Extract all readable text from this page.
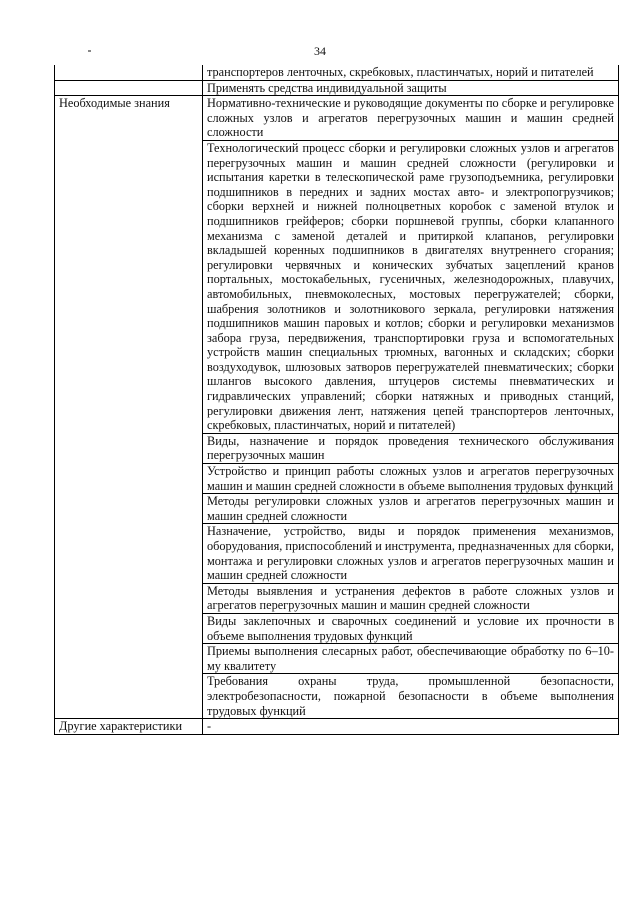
34
	транспортеров ленточных, скребковых, пластинчатых, норий и питателей
	Применять средства индивидуальной защиты
Необходимые знания	Нормативно-технические и руководящие документы по сборке и регулировке сложных узлов и агрегатов перегрузочных машин и машин средней сложности
	Технологический процесс сборки и регулировки сложных узлов и агрегатов перегрузочных машин и машин средней сложности (регулировки и испытания каретки в телескопической раме грузоподъемника, регулировки подшипников в передних и задних мостах авто- и электропогрузчиков; сборки верхней и нижней полноцветных коробок с заменой втулок и подшипников грейферов; сборки поршневой группы, сборки клапанного механизма с заменой деталей и притиркой клапанов, регулировки вкладышей коренных подшипников в двигателях внутреннего сгорания; регулировки червячных и конических зубчатых зацеплений кранов портальных, мостокабельных, гусеничных, железнодорожных, плавучих, автомобильных, пневмоколесных, мостовых перегружателей; сборки, шабрения золотников и золотникового зеркала, регулировки натяжения подшипников машин паровых и котлов; сборки и регулировки механизмов забора груза, передвижения, транспортировки груза и вспомогательных устройств машин специальных трюмных, вагонных и складских; сборки воздуходувок, шлюзовых затворов перегружателей пневматических; сборки шлангов высокого давления, штуцеров системы пневматических и гидравлических управлений; сборки натяжных и приводных станций, регулировки движения лент, натяжения цепей транспортеров ленточных, скребковых, пластинчатых, норий и питателей)
	Виды, назначение и порядок проведения технического обслуживания перегрузочных машин
	Устройство и принцип работы сложных узлов и агрегатов перегрузочных машин и машин средней сложности в объеме выполнения трудовых функций
	Методы регулировки сложных узлов и агрегатов перегрузочных машин и машин средней сложности
	Назначение, устройство, виды и порядок применения механизмов, оборудования, приспособлений и инструмента, предназначенных для сборки, монтажа и регулировки сложных узлов и агрегатов перегрузочных машин и машин средней сложности
	Методы выявления и устранения дефектов в работе сложных узлов и агрегатов перегрузочных машин и машин средней сложности
	Виды заклепочных и сварочных соединений и условие их прочности в объеме выполнения трудовых функций
	Приемы выполнения слесарных работ, обеспечивающие обработку по 6–10-му квалитету
	Требования охраны труда, промышленной безопасности, электробезопасности, пожарной безопасности в объеме выполнения трудовых функций
Другие характеристики	-
